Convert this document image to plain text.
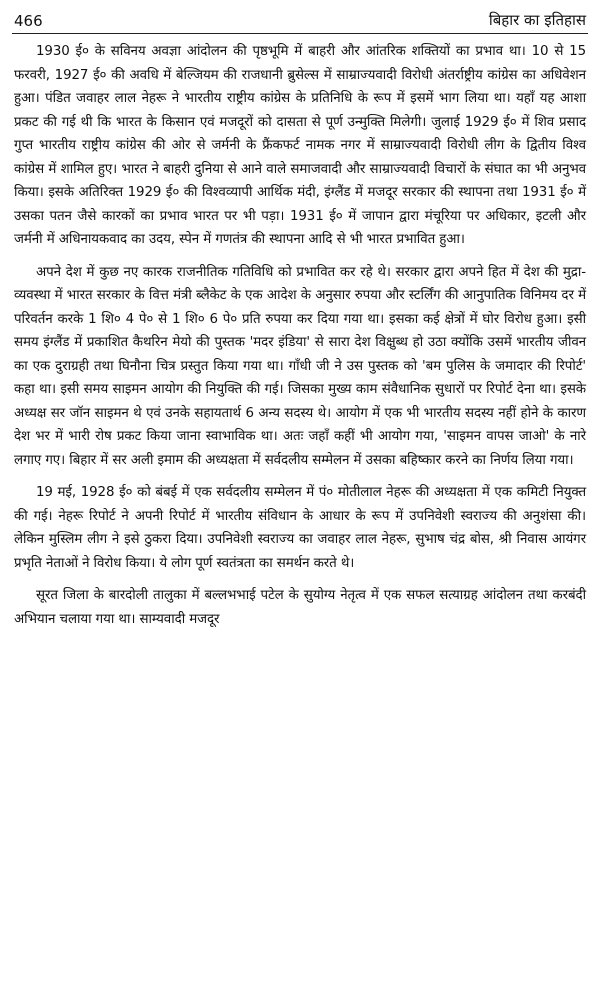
466	बिहार का इतिहास

1930 ई० के सविनय अवज्ञा आंदोलन की पृष्ठभूमि में बाहरी और आंतरिक शक्तियों का प्रभाव था। 10 से 15 फरवरी, 1927 ई० की अवधि में बेल्जियम की राजधानी ब्रुसेल्स में साम्राज्यवादी विरोधी अंतर्राष्ट्रीय कांग्रेस का अधिवेशन हुआ। पंडित जवाहर लाल नेहरू ने भारतीय राष्ट्रीय कांग्रेस के प्रतिनिधि के रूप में इसमें भाग लिया था। यहाँ यह आशा प्रकट की गई थी कि भारत के किसान एवं मजदूरों को दासता से पूर्ण उन्मुक्ति मिलेगी। जुलाई 1929 ई० में शिव प्रसाद गुप्त भारतीय राष्ट्रीय कांग्रेस की ओर से जर्मनी के फ्रैंकफर्ट नामक नगर में साम्राज्यवादी विरोधी लीग के द्वितीय विश्व कांग्रेस में शामिल हुए। भारत ने बाहरी दुनिया से आने वाले समाजवादी और साम्राज्यवादी विचारों के संघात का भी अनुभव किया। इसके अतिरिक्त 1929 ई० की विश्वव्यापी आर्थिक मंदी, इंग्लैंड में मजदूर सरकार की स्थापना तथा 1931 ई० में उसका पतन जैसे कारकों का प्रभाव भारत पर भी पड़ा। 1931 ई० में जापान द्वारा मंचूरिया पर अधिकार, इटली और जर्मनी में अधिनायकवाद का उदय, स्पेन में गणतंत्र की स्थापना आदि से भी भारत प्रभावित हुआ।

अपने देश में कुछ नए कारक राजनीतिक गतिविधि को प्रभावित कर रहे थे। सरकार द्वारा अपने हित में देश की मुद्रा-व्यवस्था में भारत सरकार के वित्त मंत्री ब्लैकेट के एक आदेश के अनुसार रुपया और स्टर्लिंग की आनुपातिक विनिमय दर में परिवर्तन करके 1 शि० 4 पे० से 1 शि० 6 पे० प्रति रुपया कर दिया गया था। इसका कई क्षेत्रों में घोर विरोध हुआ। इसी समय इंग्लैंड में प्रकाशित कैथरिन मेयो की पुस्तक 'मदर इंडिया' से सारा देश विक्षुब्ध हो उठा क्योंकि उसमें भारतीय जीवन का एक दुराग्रही तथा घिनौना चित्र प्रस्तुत किया गया था। गाँधी जी ने उस पुस्तक को 'बम पुलिस के जमादार की रिपोर्ट' कहा था। इसी समय साइमन आयोग की नियुक्ति की गई। जिसका मुख्य काम संवैधानिक सुधारों पर रिपोर्ट देना था। इसके अध्यक्ष सर जॉन साइमन थे एवं उनके सहायतार्थ 6 अन्य सदस्य थे। आयोग में एक भी भारतीय सदस्य नहीं होने के कारण देश भर में भारी रोष प्रकट किया जाना स्वाभाविक था। अतः जहाँ कहीं भी आयोग गया, 'साइमन वापस जाओ' के नारे लगाए गए। बिहार में सर अली इमाम की अध्यक्षता में सर्वदलीय सम्मेलन में उसका बहिष्कार करने का निर्णय लिया गया।

19 मई, 1928 ई० को बंबई में एक सर्वदलीय सम्मेलन में पं० मोतीलाल नेहरू की अध्यक्षता में एक कमिटी नियुक्त की गई। नेहरू रिपोर्ट ने अपनी रिपोर्ट में भारतीय संविधान के आधार के रूप में उपनिवेशी स्वराज्य की अनुशंसा की। लेकिन मुस्लिम लीग ने इसे ठुकरा दिया। उपनिवेशी स्वराज्य का जवाहर लाल नेहरू, सुभाष चंद्र बोस, श्री निवास आयंगर प्रभृति नेताओं ने विरोध किया। ये लोग पूर्ण स्वतंत्रता का समर्थन करते थे।

सूरत जिला के बारदोली तालुका में बल्लभभाई पटेल के सुयोग्य नेतृत्व में एक सफल सत्याग्रह आंदोलन तथा करबंदी अभियान चलाया गया था। साम्यवादी मजदूर
